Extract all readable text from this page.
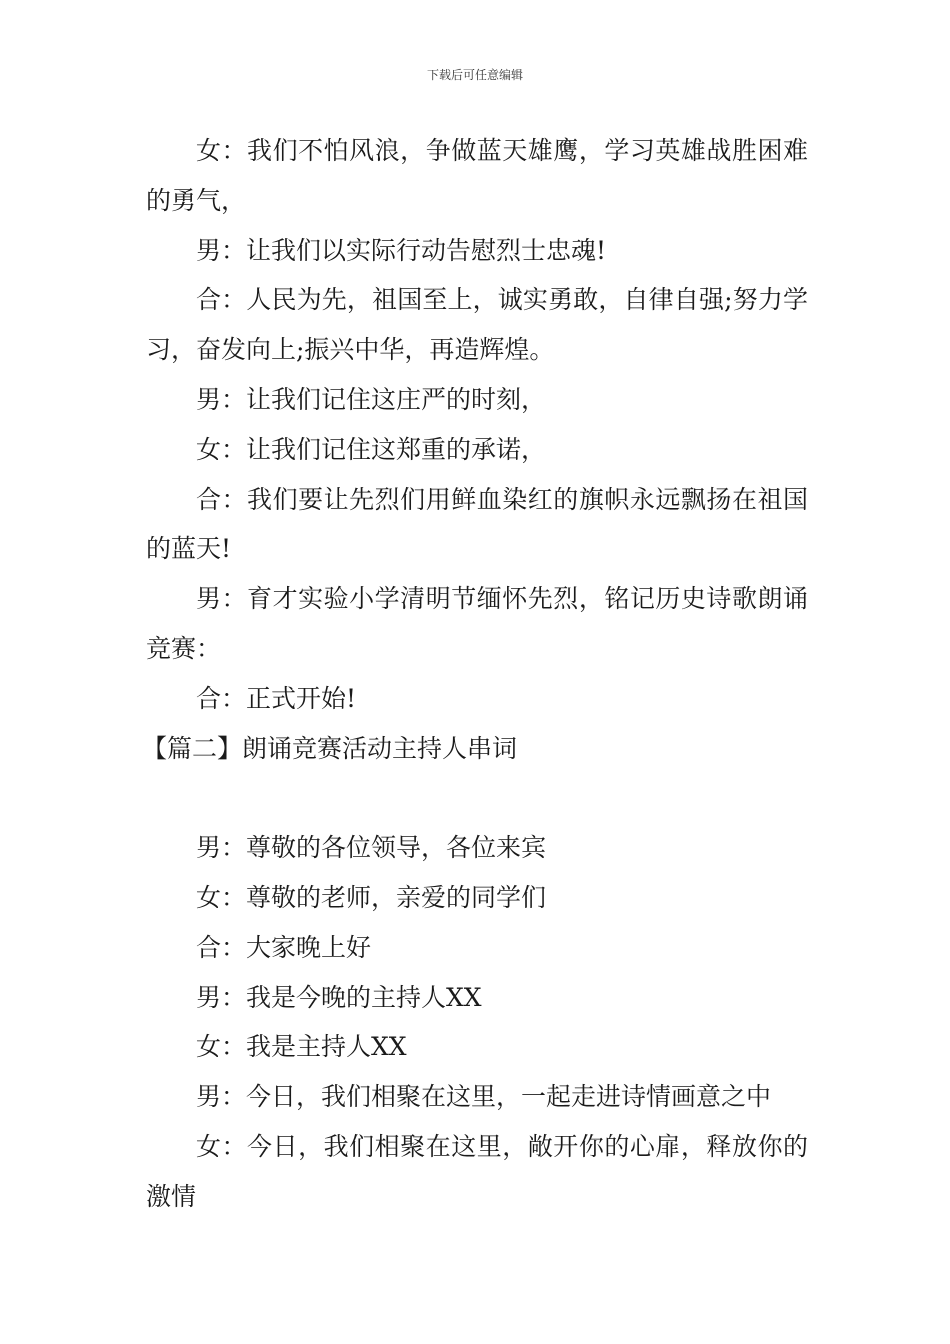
下载后可任意编辑

女：我们不怕风浪，争做蓝天雄鹰，学习英雄战胜困难的勇气，

男：让我们以实际行动告慰烈士忠魂!

合：人民为先，祖国至上，诚实勇敢，自律自强;努力学习，奋发向上;振兴中华，再造辉煌。

男：让我们记住这庄严的时刻，

女：让我们记住这郑重的承诺，

合：我们要让先烈们用鲜血染红的旗帜永远飘扬在祖国的蓝天!

男：育才实验小学清明节缅怀先烈，铭记历史诗歌朗诵竞赛：

合：正式开始!

【篇二】朗诵竞赛活动主持人串词

男：尊敬的各位领导，各位来宾

女：尊敬的老师，亲爱的同学们

合：大家晚上好

男：我是今晚的主持人XX

女：我是主持人XX

男：今日，我们相聚在这里，一起走进诗情画意之中

女：今日，我们相聚在这里，敞开你的心扉，释放你的激情
